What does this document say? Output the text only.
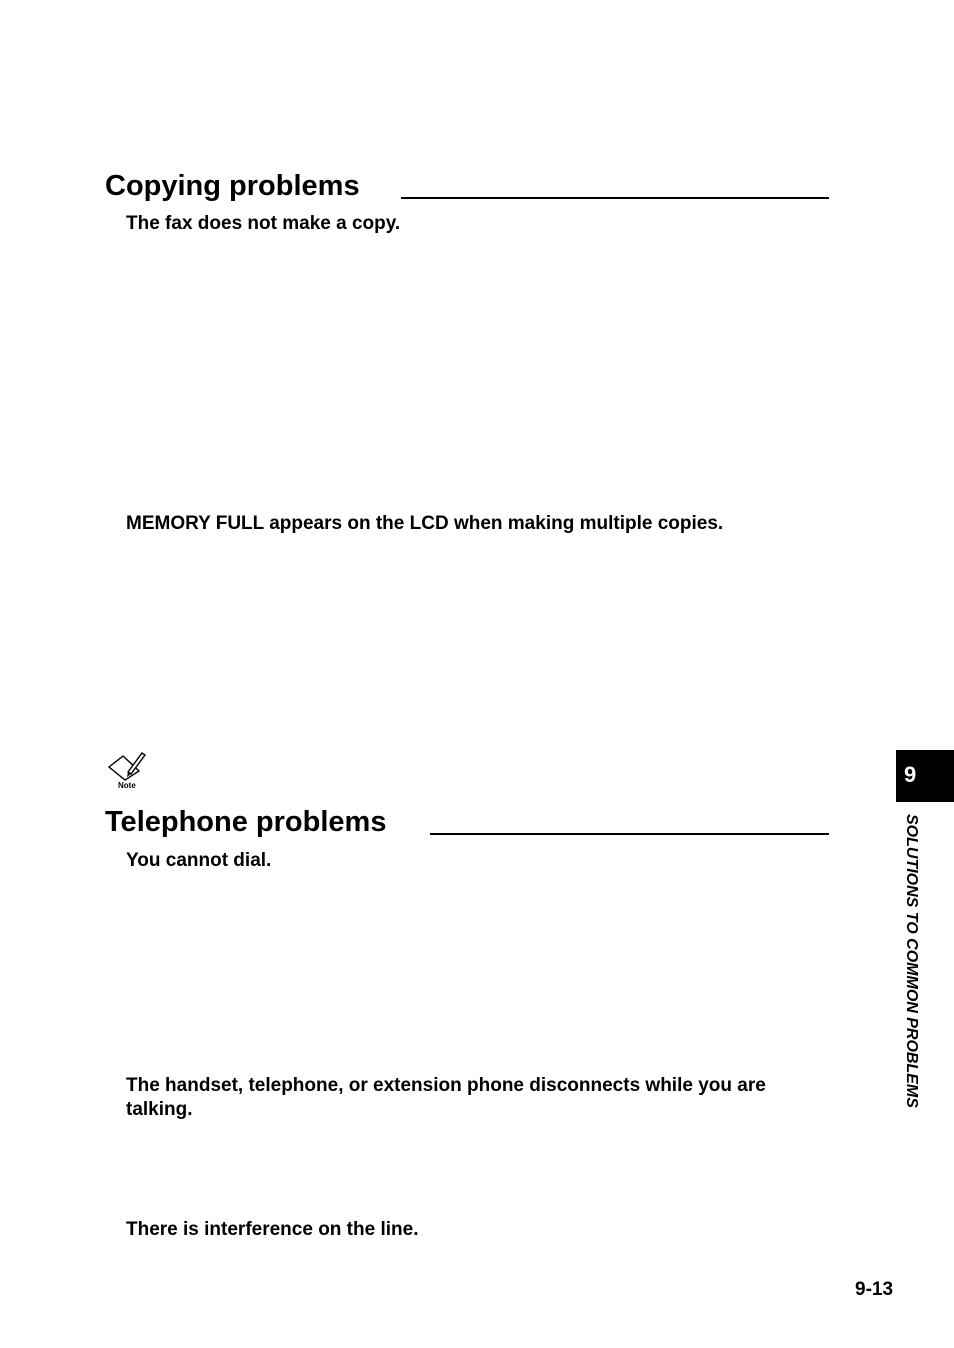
Copying problems
The fax does not make a copy.
MEMORY FULL appears on the LCD when making multiple copies.
Note
Telephone problems
You cannot dial.
The handset, telephone, or extension phone disconnects while you are talking.
There is interference on the line.
9
SOLUTIONS TO COMMON PROBLEMS
9-13
